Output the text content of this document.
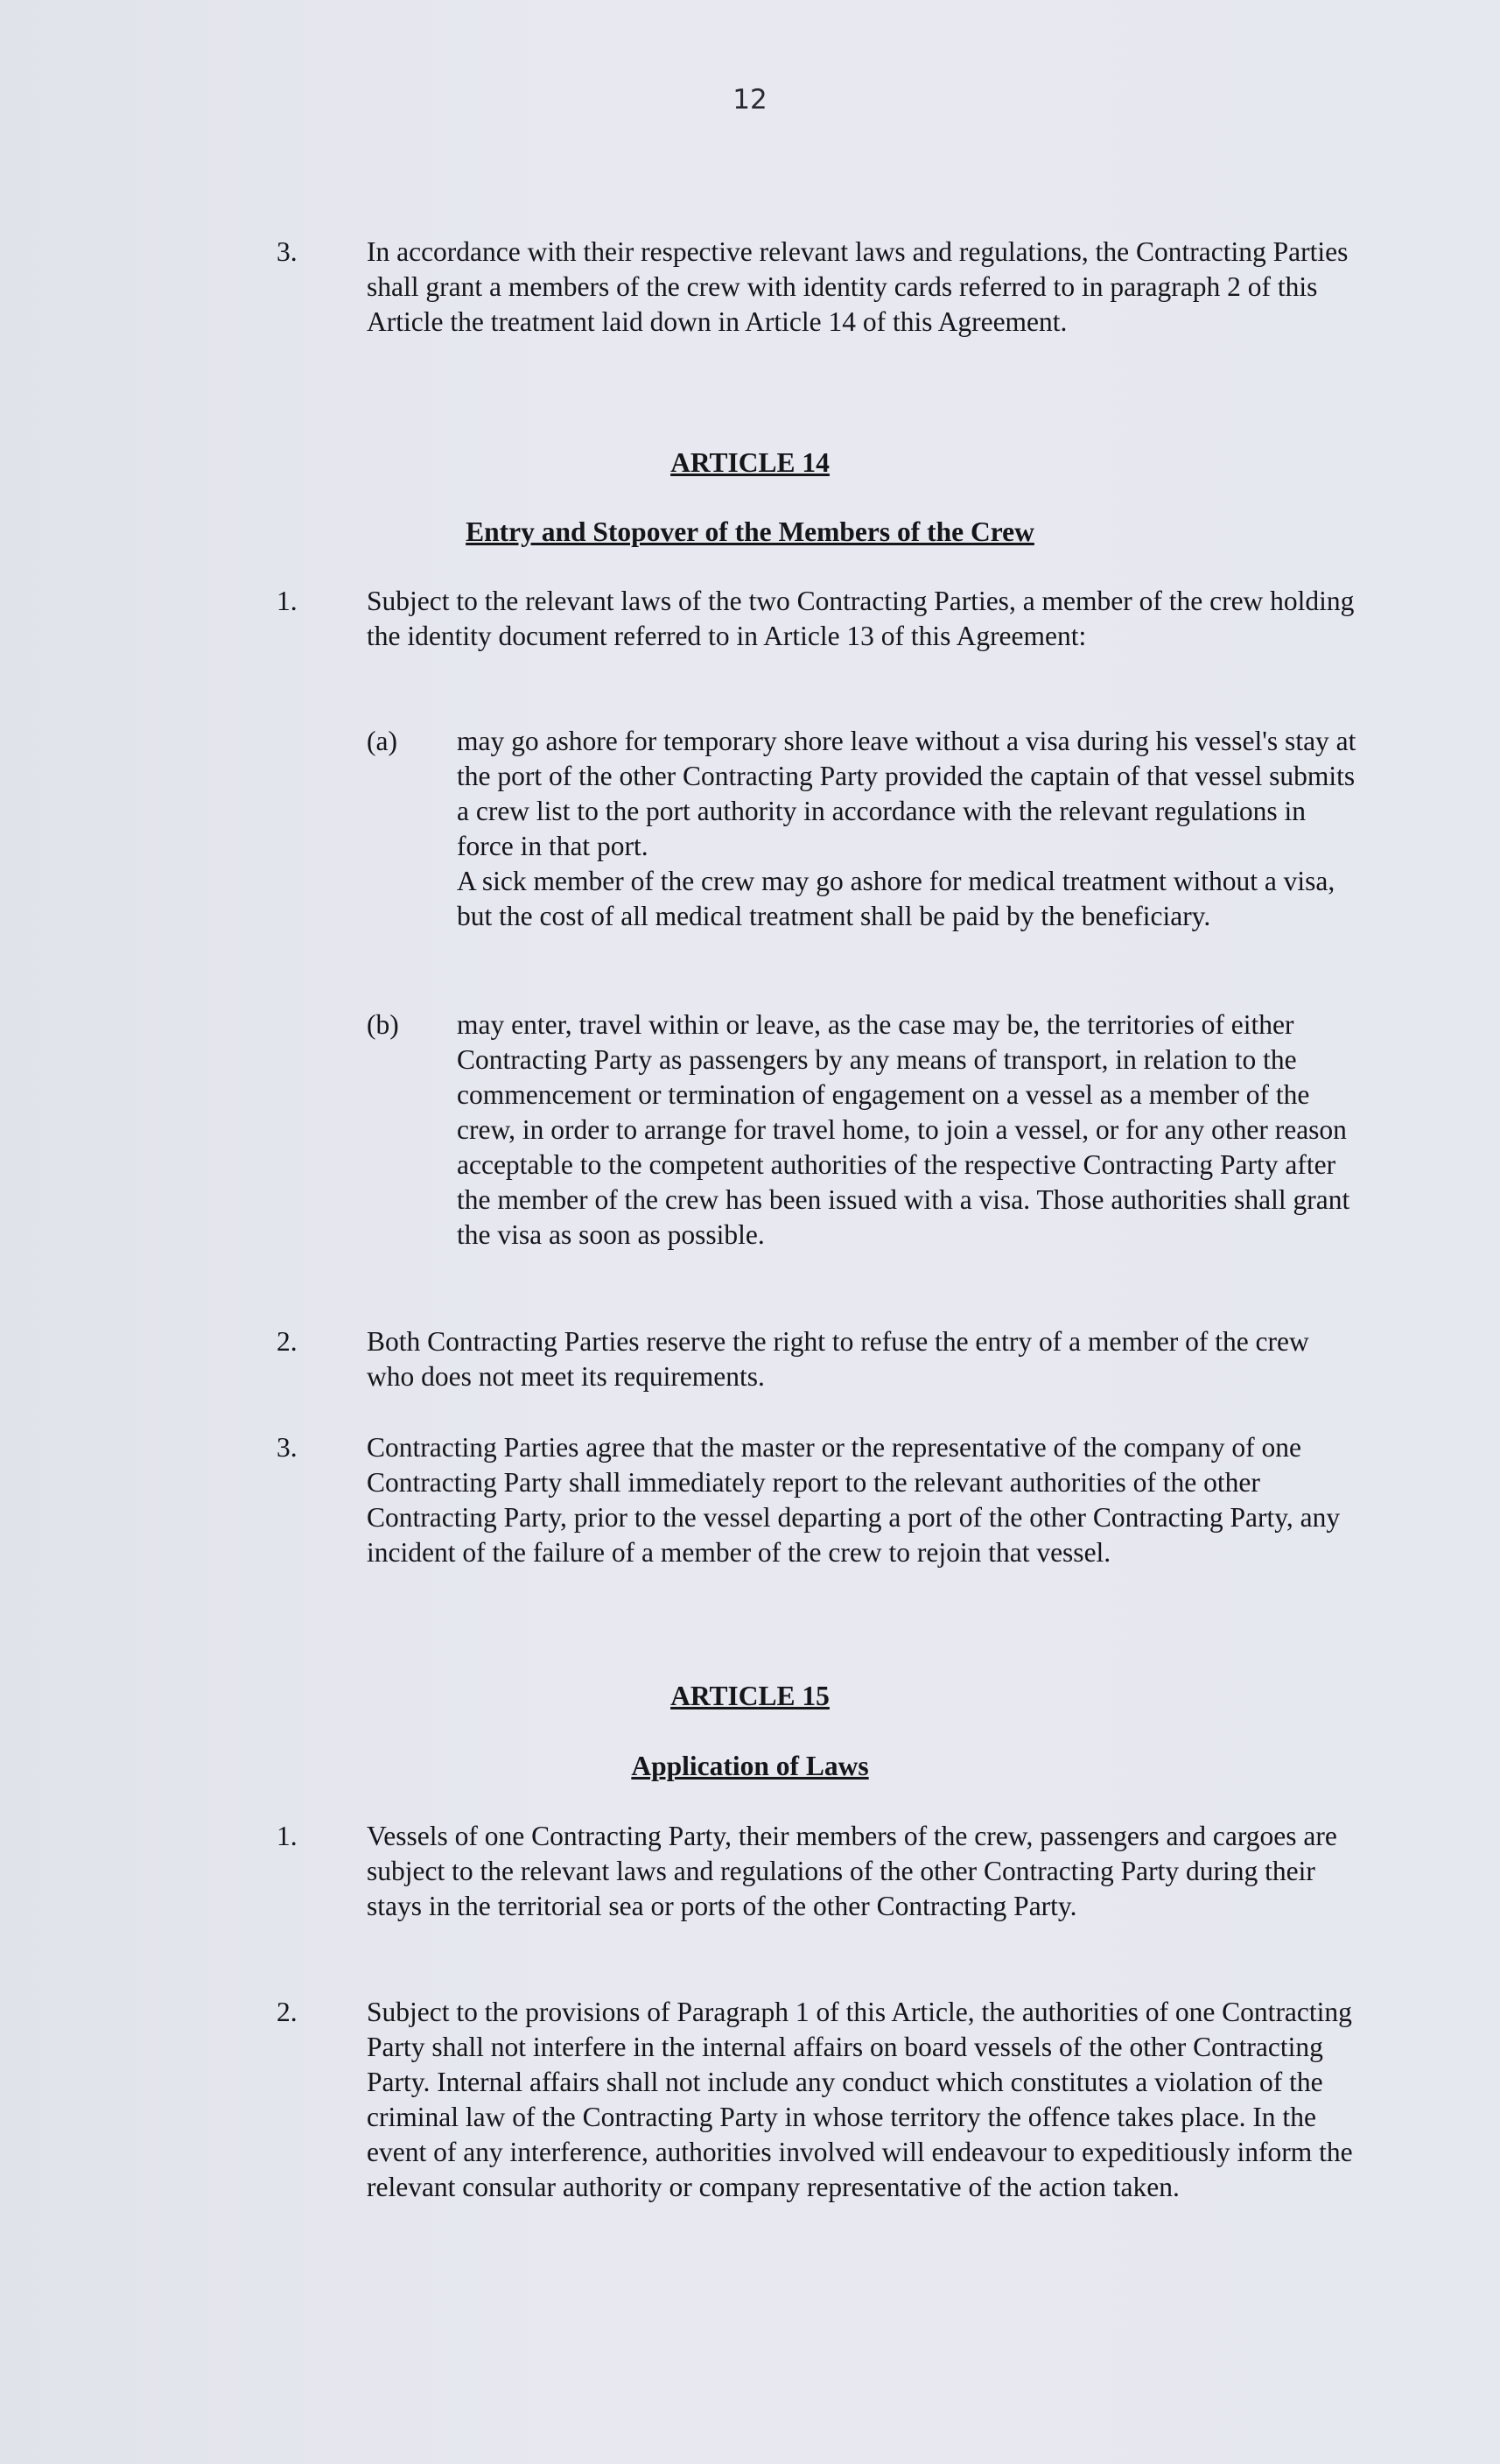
12
3.	In accordance with their respective relevant laws and regulations, the Contracting Parties shall grant a members of the crew with identity cards referred to in paragraph 2 of this Article the treatment laid down in Article 14 of this Agreement.
ARTICLE 14
Entry and Stopover of the Members of the Crew
1.	Subject to the relevant laws of the two Contracting Parties, a member of the crew holding the identity document referred to in Article 13 of this Agreement:
(a) may go ashore for temporary shore leave without a visa during his vessel's stay at the port of the other Contracting Party provided the captain of that vessel submits a crew list to the port authority in accordance with the relevant regulations in force in that port.
A sick member of the crew may go ashore for medical treatment without a visa, but the cost of all medical treatment shall be paid by the beneficiary.
(b) may enter, travel within or leave, as the case may be, the territories of either Contracting Party as passengers by any means of transport, in relation to the commencement or termination of engagement on a vessel as a member of the crew, in order to arrange for travel home, to join a vessel, or for any other reason acceptable to the competent authorities of the respective Contracting Party after the member of the crew has been issued with a visa. Those authorities shall grant the visa as soon as possible.
2.	Both Contracting Parties reserve the right to refuse the entry of a member of the crew who does not meet its requirements.
3.	Contracting Parties agree that the master or the representative of the company of one Contracting Party shall immediately report to the relevant authorities of the other Contracting Party, prior to the vessel departing a port of the other Contracting Party, any incident of the failure of a member of the crew to rejoin that vessel.
ARTICLE 15
Application of Laws
1.	Vessels of one Contracting Party, their members of the crew, passengers and cargoes are subject to the relevant laws and regulations of the other Contracting Party during their stays in the territorial sea or ports of the other Contracting Party.
2.	Subject to the provisions of Paragraph 1 of this Article, the authorities of one Contracting Party shall not interfere in the internal affairs on board vessels of the other Contracting Party. Internal affairs shall not include any conduct which constitutes a violation of the criminal law of the Contracting Party in whose territory the offence takes place. In the event of any interference, authorities involved will endeavour to expeditiously inform the relevant consular authority or company representative of the action taken.
